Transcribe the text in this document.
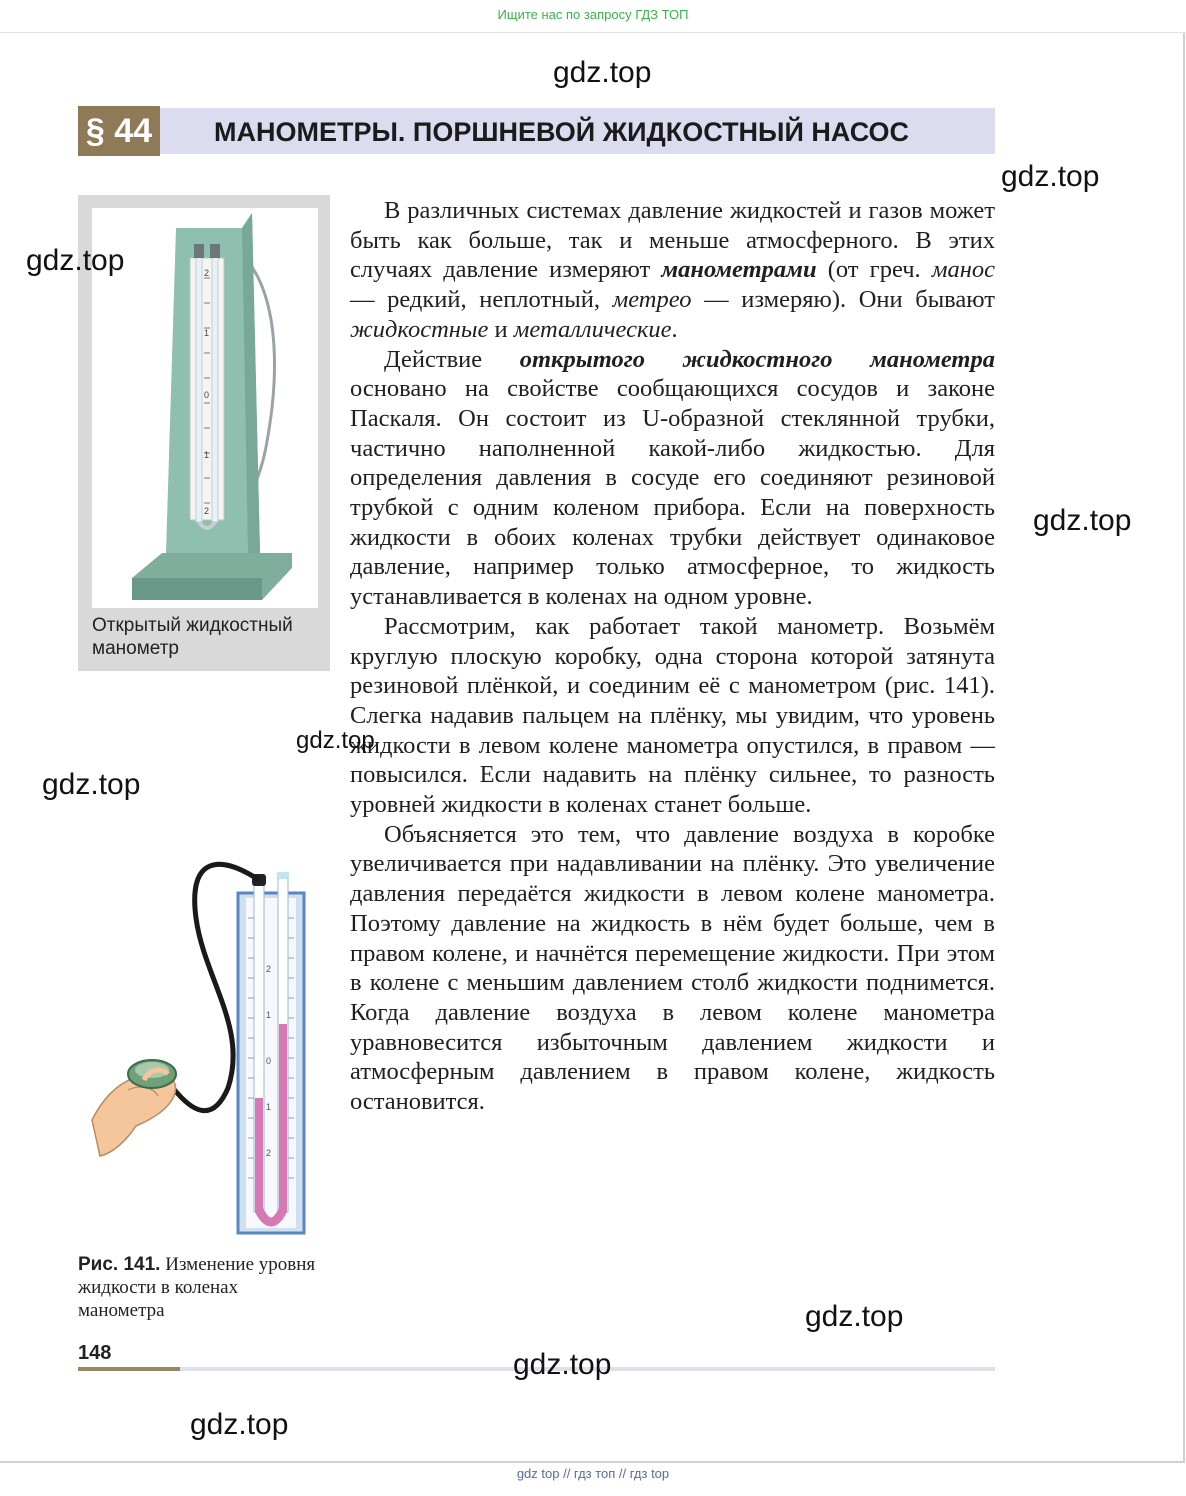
Ищите нас по запросу ГДЗ ТОП
§ 44 МАНОМЕТРЫ. ПОРШНЕВОЙ ЖИДКОСТНЫЙ НАСОС
2
1
0
1
2
Открытый жидкостный манометр

В различных системах давление жидкостей и газов может быть как больше, так и меньше атмосферного. В этих случаях давление измеряют манометрами (от греч. манос — редкий, неплотный, метрео — измеряю). Они бывают жидкостные и металлические.

Действие открытого жидкостного манометра основано на свойстве сообщающихся сосудов и законе Паскаля. Он состоит из U-образной стеклянной трубки, частично наполненной какой-либо жидкостью. Для определения давления в сосуде его соединяют резиновой трубкой с одним коленом прибора. Если на поверхность жидкости в обоих коленах трубки действует одинаковое давление, например только атмосферное, то жидкость устанавливается в коленах на одном уровне.

Рассмотрим, как работает такой манометр. Возьмём круглую плоскую коробку, одна сторона которой затянута резиновой плёнкой, и соединим её с манометром (рис. 141). Слегка надавив пальцем на плёнку, мы увидим, что уровень жидкости в левом колене манометра опустился, в правом — повысился. Если надавить на плёнку сильнее, то разность уровней жидкости в коленах станет больше.

Объясняется это тем, что давление воздуха в коробке увеличивается при надавливании на плёнку. Это увеличение давления передаётся жидкости в левом колене манометра. Поэтому давление на жидкость в нём будет больше, чем в правом колене, и начнётся перемещение жидкости. При этом в колене с меньшим давлением столб жидкости поднимется. Когда давление воздуха в левом колене манометра уравновесится избыточным давлением жидкости и атмосферным давлением в правом колене, жидкость остановится.

2
1
0
1
2
Рис. 141. Изменение уровня жидкости в коленах манометра
148
gdz.top
gdz.top
gdz.top
gdz.top
gdz.top
gdz.top
gdz.top
gdz.top
gdz.top
gdz top // гдз топ // гдз top
